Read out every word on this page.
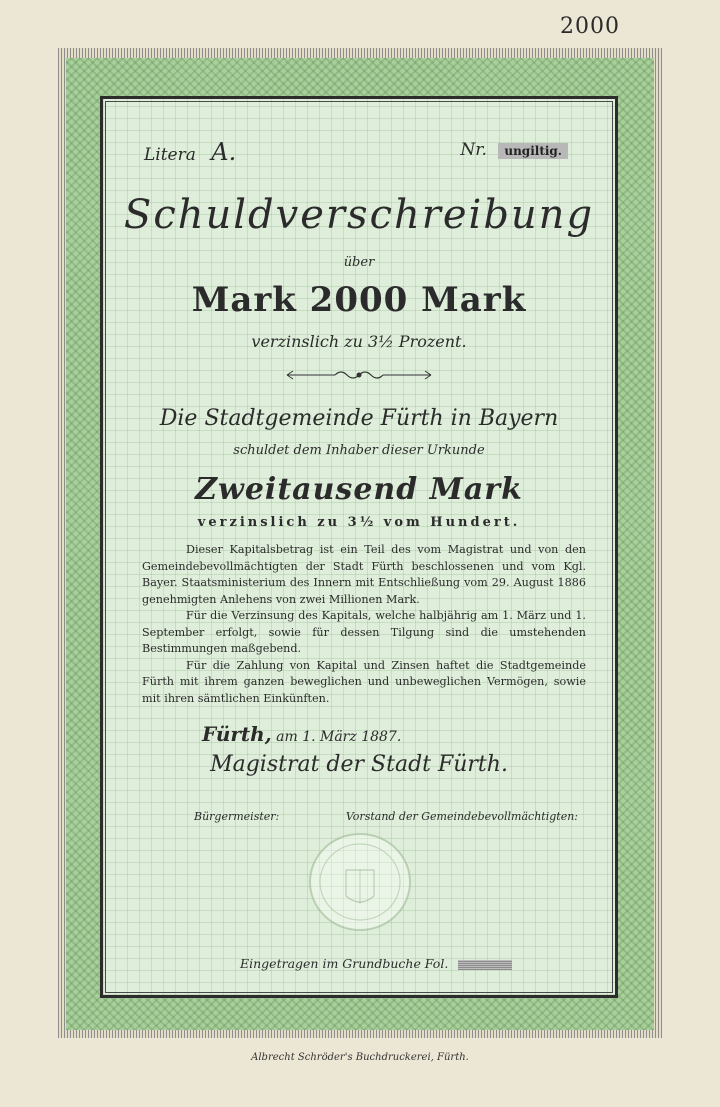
2000
Litera A.	Nr. ungiltig.
Schuldverschreibung
über
Mark 2000 Mark
verzinslich zu 3½ Prozent.
Die Stadtgemeinde Fürth in Bayern
schuldet dem Inhaber dieser Urkunde
Zweitausend Mark
verzinslich zu 3½ vom Hundert.

Dieser Kapitalsbetrag ist ein Teil des vom Magistrat und von den Gemeindebevollmächtigten der Stadt Fürth beschlossenen und vom Kgl. Bayer. Staatsministerium des Innern mit Entschließung vom 29. August 1886 genehmigten Anlehens von zwei Millionen Mark.

Für die Verzinsung des Kapitals, welche halbjährig am 1. März und 1. September erfolgt, sowie für dessen Tilgung sind die umstehenden Bestimmungen maßgebend.

Für die Zahlung von Kapital und Zinsen haftet die Stadtgemeinde Fürth mit ihrem ganzen beweglichen und unbeweglichen Vermögen, sowie mit ihren sämtlichen Einkünften.

Fürth, am 1. März 1887.
Magistrat der Stadt Fürth.
Bürgermeister:	Vorstand der Gemeindebevollmächtigten:
Eingetragen im Grundbuche Fol.
Albrecht Schröder's Buchdruckerei, Fürth.
